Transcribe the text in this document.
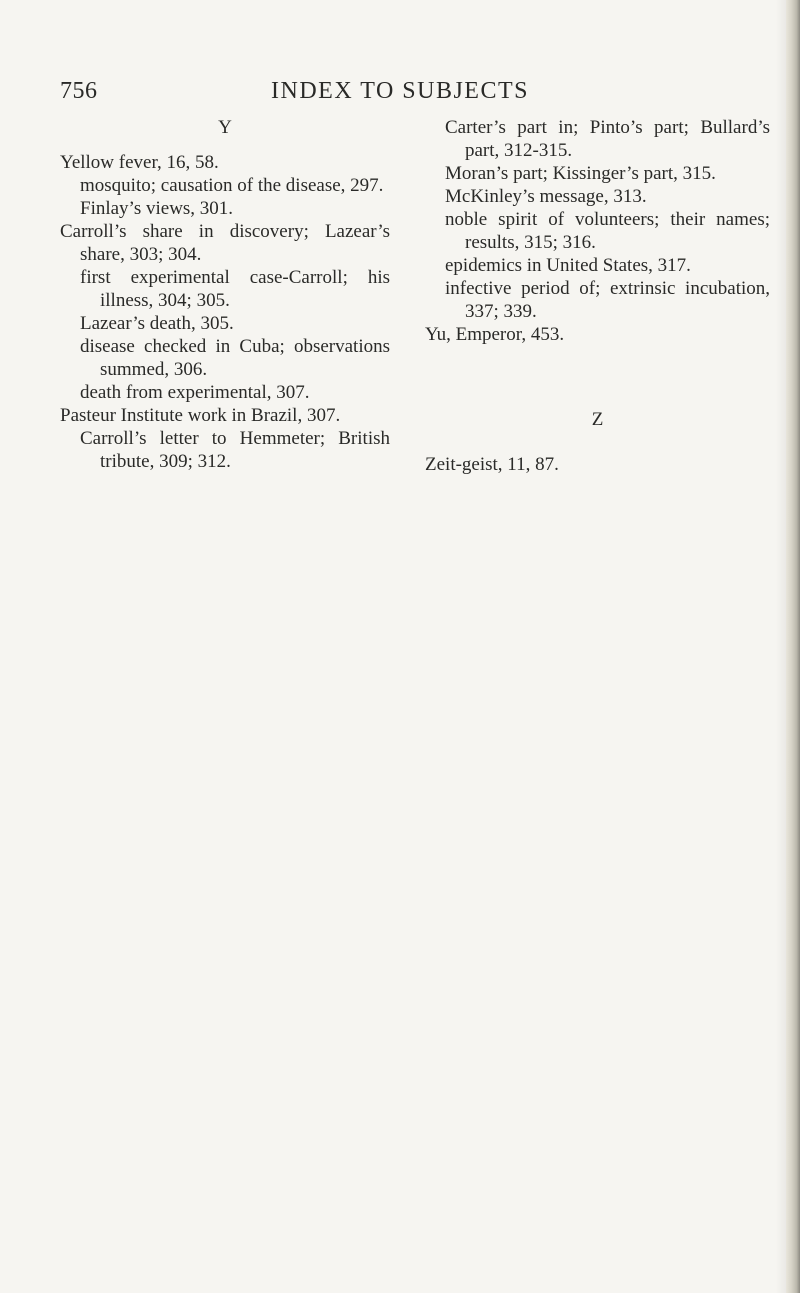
756	INDEX TO SUBJECTS
Y

Yellow fever, 16, 58.

mosquito; causation of the disease, 297.

Finlay’s views, 301.

Carroll’s share in discovery; Lazear’s share, 303; 304.

first experimental case-Carroll; his illness, 304; 305.

Lazear’s death, 305.

disease checked in Cuba; observations summed, 306.

death from experimental, 307.

Pasteur Institute work in Brazil, 307.

Carroll’s letter to Hemmeter; British tribute, 309; 312.

Carter’s part in; Pinto’s part; Bullard’s part, 312-315.

Moran’s part; Kissinger’s part, 315.

McKinley’s message, 313.

noble spirit of volunteers; their names; results, 315; 316.

epidemics in United States, 317.

infective period of; extrinsic incubation, 337; 339.

Yu, Emperor, 453.

Z

Zeit-geist, 11, 87.
